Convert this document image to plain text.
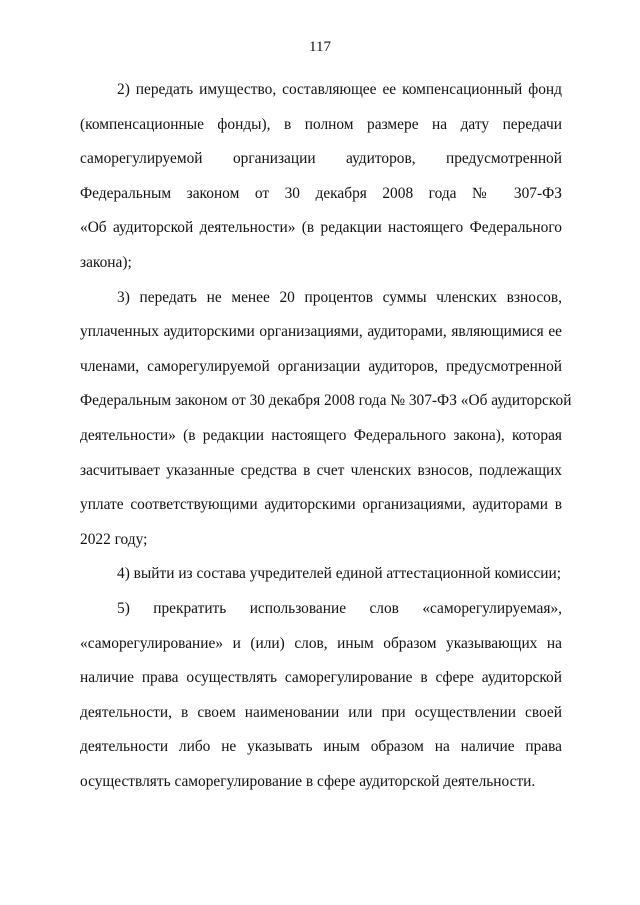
117
2) передать имущество, составляющее ее компенсационный фонд
(компенсационные фонды), в полном размере на дату передачи
саморегулируемой организации аудиторов, предусмотренной
Федеральным законом от 30 декабря 2008 года № 307-ФЗ
«Об аудиторской деятельности» (в редакции настоящего Федерального
закона);
3) передать не менее 20 процентов суммы членских взносов,
уплаченных аудиторскими организациями, аудиторами, являющимися ее
членами, саморегулируемой организации аудиторов, предусмотренной
Федеральным законом от 30 декабря 2008 года № 307-ФЗ «Об аудиторской
деятельности» (в редакции настоящего Федерального закона), которая
засчитывает указанные средства в счет членских взносов, подлежащих
уплате соответствующими аудиторскими организациями, аудиторами в
2022 году;
4) выйти из состава учредителей единой аттестационной комиссии;
5) прекратить использование слов «саморегулируемая»,
«саморегулирование» и (или) слов, иным образом указывающих на
наличие права осуществлять саморегулирование в сфере аудиторской
деятельности, в своем наименовании или при осуществлении своей
деятельности либо не указывать иным образом на наличие права
осуществлять саморегулирование в сфере аудиторской деятельности.
